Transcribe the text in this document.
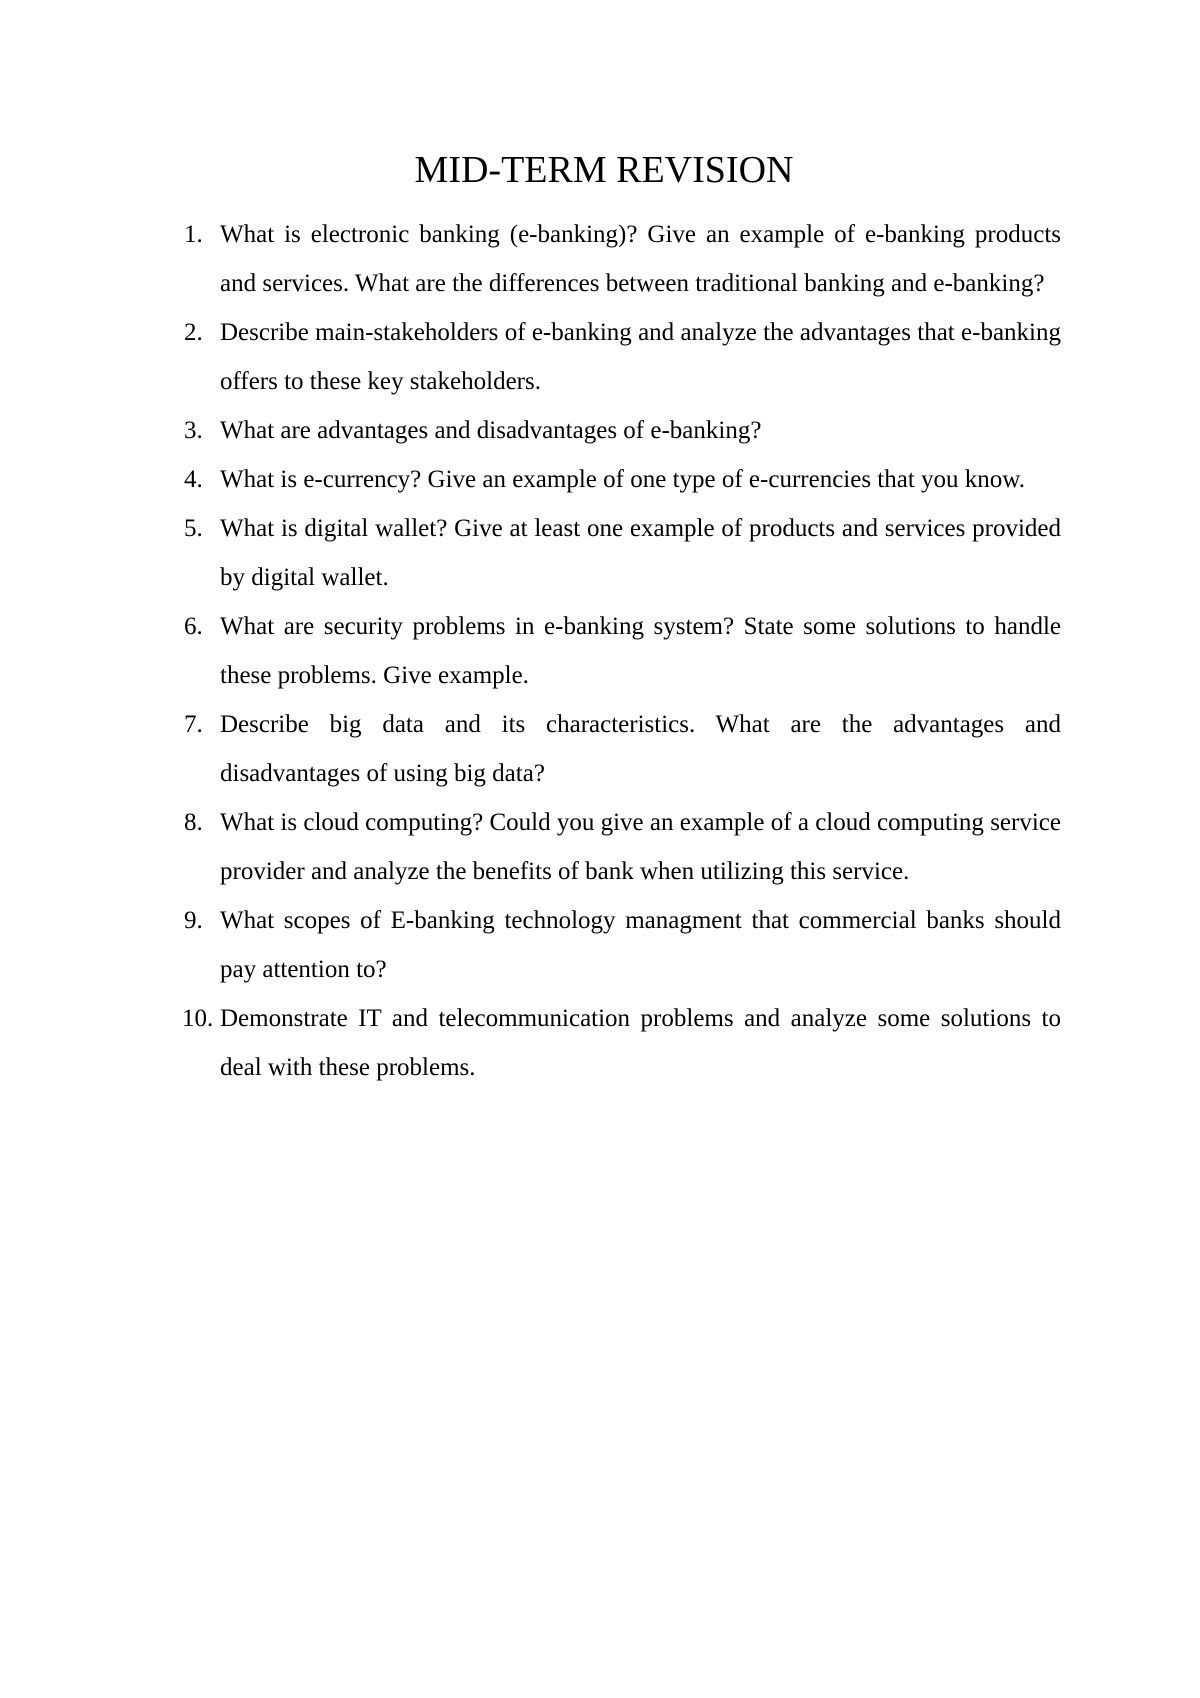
MID-TERM REVISION
1. What is electronic banking (e-banking)? Give an example of e-banking products and services. What are the differences between traditional banking and e-banking?
2. Describe main-stakeholders of e-banking and analyze the advantages that e-banking offers to these key stakeholders.
3. What are advantages and disadvantages of e-banking?
4. What is e-currency? Give an example of one type of e-currencies that you know.
5. What is digital wallet? Give at least one example of products and services provided by digital wallet.
6. What are security problems in e-banking system? State some solutions to handle these problems. Give example.
7. Describe big data and its characteristics. What are the advantages and disadvantages of using big data?
8. What is cloud computing? Could you give an example of a cloud computing service provider and analyze the benefits of bank when utilizing this service.
9. What scopes of E-banking technology managment that commercial banks should pay attention to?
10. Demonstrate IT and telecommunication problems and analyze some solutions to deal with these problems.
